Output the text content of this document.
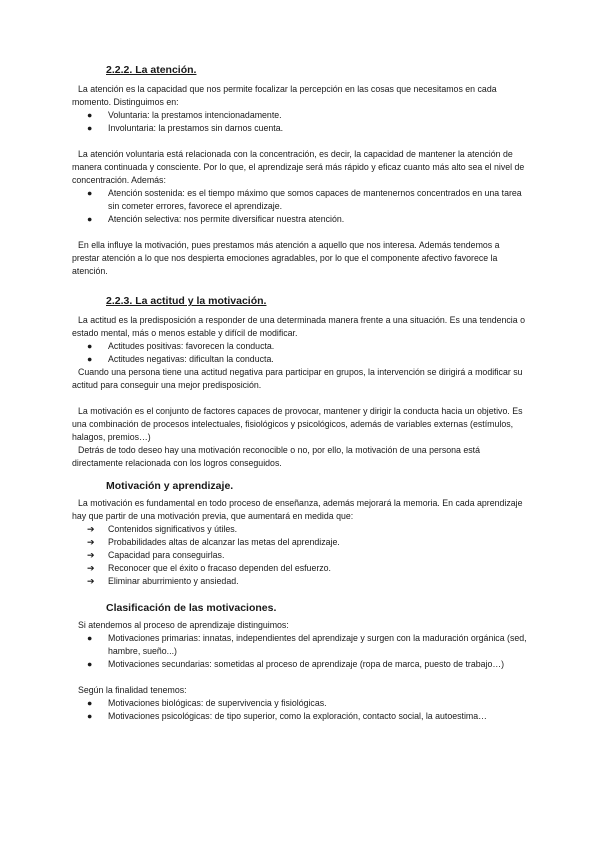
2.2.2. La atención.

La atención es la capacidad que nos permite focalizar la percepción en las cosas que necesitamos en cada momento. Distinguimos en:

● Voluntaria: la prestamos intencionadamente.
● Involuntaria: la prestamos sin darnos cuenta.

La atención voluntaria está relacionada con la concentración, es decir, la capacidad de mantener la atención de manera continuada y consciente. Por lo que, el aprendizaje será más rápido y eficaz cuanto más alto sea el nivel de concentración. Además:

● Atención sostenida: es el tiempo máximo que somos capaces de mantenernos concentrados en una tarea sin cometer errores, favorece el aprendizaje.
● Atención selectiva: nos permite diversificar nuestra atención.

En ella influye la motivación, pues prestamos más atención a aquello que nos interesa. Además tendemos a prestar atención a lo que nos despierta emociones agradables, por lo que el componente afectivo favorece la atención.

2.2.3. La actitud y la motivación.

La actitud es la predisposición a responder de una determinada manera frente a una situación. Es una tendencia o estado mental, más o menos estable y difícil de modificar.

● Actitudes positivas: favorecen la conducta.
● Actitudes negativas: dificultan la conducta.

Cuando una persona tiene una actitud negativa para participar en grupos, la intervención se dirigirá a modificar su actitud para conseguir una mejor predisposición.

La motivación es el conjunto de factores capaces de provocar, mantener y dirigir la conducta hacia un objetivo. Es una combinación de procesos intelectuales, fisiológicos y psicológicos, además de variables externas (estímulos, halagos, premios…)

Detrás de todo deseo hay una motivación reconocible o no, por ello, la motivación de una persona está directamente relacionada con los logros conseguidos.

Motivación y aprendizaje.

La motivación es fundamental en todo proceso de enseñanza, además mejorará la memoria. En cada aprendizaje hay que partir de una motivación previa, que aumentará en medida que:

➔ Contenidos significativos y útiles.
➔ Probabilidades altas de alcanzar las metas del aprendizaje.
➔ Capacidad para conseguirlas.
➔ Reconocer que el éxito o fracaso dependen del esfuerzo.
➔ Eliminar aburrimiento y ansiedad.
Clasificación de las motivaciones.

Si atendemos al proceso de aprendizaje distinguimos:

● Motivaciones primarias: innatas, independientes del aprendizaje y surgen con la maduración orgánica (sed, hambre, sueño...)
● Motivaciones secundarias: sometidas al proceso de aprendizaje (ropa de marca, puesto de trabajo…)

Según la finalidad tenemos:

● Motivaciones biológicas: de supervivencia y fisiológicas.
● Motivaciones psicológicas: de tipo superior, como la exploración, contacto social, la autoestima…
